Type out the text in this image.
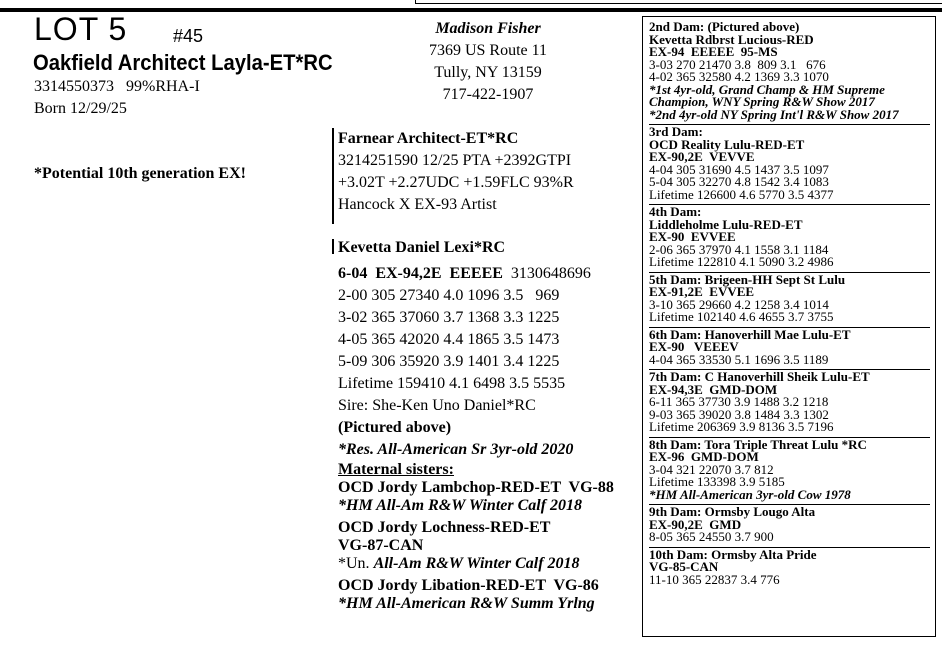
LOT 5	#45
Oakfield Architect Layla-ET*RC
3314550373   99%RHA-I
Born 12/29/25
*Potential 10th generation EX!
Madison Fisher
7369 US Route 11
Tully, NY 13159
717-422-1907
Farnear Architect-ET*RC
3214251590 12/25 PTA +2392GTPI
+3.02T +2.27UDC +1.59FLC 93%R
Hancock X EX-93 Artist
Kevetta Daniel Lexi*RC
6-04  EX-94,2E  EEEEE 3130648696
2-00 305 27340 4.0 1096 3.5   969
3-02 365 37060 3.7 1368 3.3 1225
4-05 365 42020 4.4 1865 3.5 1473
5-09 306 35920 3.9 1401 3.4 1225
Lifetime 159410 4.1 6498 3.5 5535
Sire: She-Ken Uno Daniel*RC
(Pictured above)
*Res. All-American Sr 3yr-old 2020
Maternal sisters:
OCD Jordy Lambchop-RED-ET  VG-88
*HM All-Am R&W Winter Calf 2018
OCD Jordy Lochness-RED-ET
VG-87-CAN
*Un. All-Am R&W Winter Calf 2018
OCD Jordy Libation-RED-ET  VG-86
*HM All-American R&W Summ Yrlng
2nd Dam: (Pictured above)
Kevetta Rdbrst Lucious-RED
EX-94  EEEEE  95-MS
3-03 270 21470 3.8  809 3.1   676
4-02 365 32580 4.2 1369 3.3 1070
*1st 4yr-old, Grand Champ & HM Supreme
Champion, WNY Spring R&W Show 2017
*2nd 4yr-old NY Spring Int'l R&W Show 2017
3rd Dam:
OCD Reality Lulu-RED-ET
EX-90,2E  VEVVE
4-04 305 31690 4.5 1437 3.5 1097
5-04 305 32270 4.8 1542 3.4 1083
Lifetime 126600 4.6 5770 3.5 4377
4th Dam:
Liddleholme Lulu-RED-ET
EX-90  EVVEE
2-06 365 37970 4.1 1558 3.1 1184
Lifetime 122810 4.1 5090 3.2 4986
5th Dam: Brigeen-HH Sept St Lulu
EX-91,2E  EVVEE
3-10 365 29660 4.2 1258 3.4 1014
Lifetime 102140 4.6 4655 3.7 3755
6th Dam: Hanoverhill Mae Lulu-ET
EX-90   VEEEV
4-04 365 33530 5.1 1696 3.5 1189
7th Dam: C Hanoverhill Sheik Lulu-ET
EX-94,3E  GMD-DOM
6-11 365 37730 3.9 1488 3.2 1218
9-03 365 39020 3.8 1484 3.3 1302
Lifetime 206369 3.9 8136 3.5 7196
8th Dam: Tora Triple Threat Lulu *RC
EX-96  GMD-DOM
3-04 321 22070 3.7 812
Lifetime 133398 3.9 5185
*HM All-American 3yr-old Cow 1978
9th Dam: Ormsby Lougo Alta
EX-90,2E  GMD
8-05 365 24550 3.7 900
10th Dam: Ormsby Alta Pride
VG-85-CAN
11-10 365 22837 3.4 776
